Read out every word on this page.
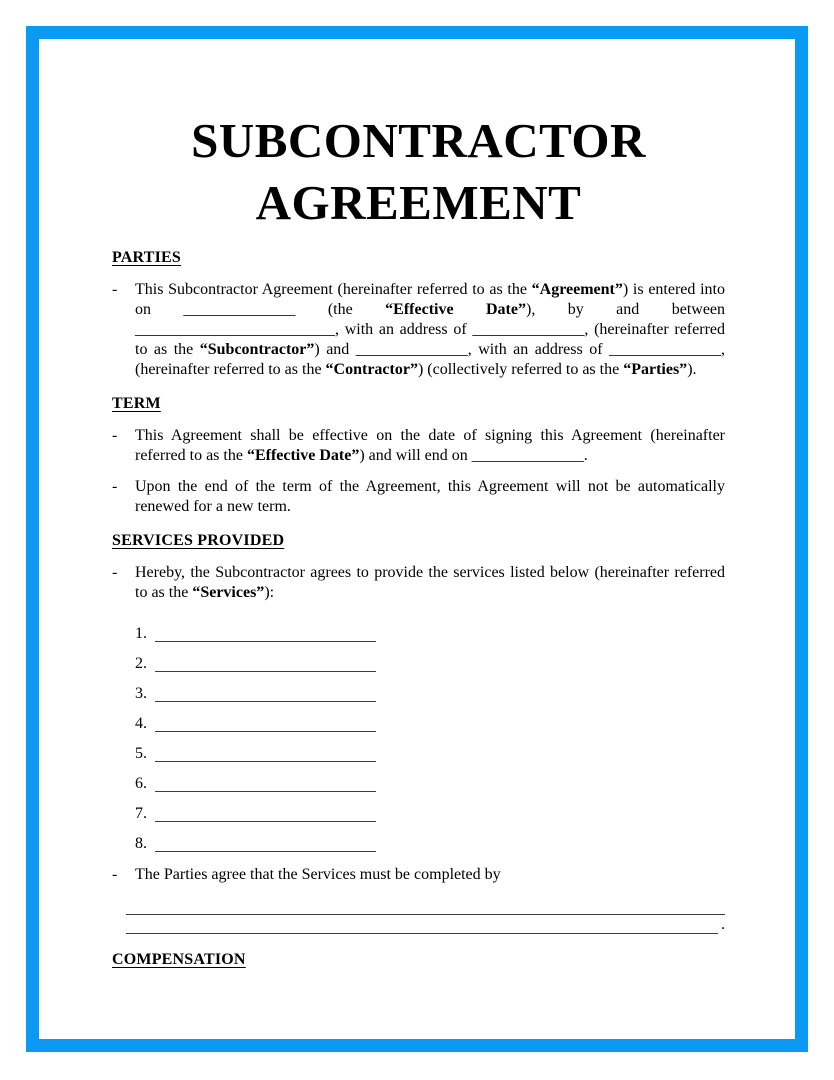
SUBCONTRACTOR
AGREEMENT
PARTIES
-	This Subcontractor Agreement (hereinafter referred to as the “Agreement”) is entered into on ______________ (the “Effective Date”), by and between _________________________, with an address of ______________, (hereinafter referred to as the “Subcontractor”) and ______________, with an address of ______________, (hereinafter referred to as the “Contractor”) (collectively referred to as the “Parties”).

TERM
-	This Agreement shall be effective on the date of signing this Agreement (hereinafter referred to as the “Effective Date”) and will end on ______________.

-	Upon the end of the term of the Agreement, this Agreement will not be automatically renewed for a new term.

SERVICES PROVIDED
-	Hereby, the Subcontractor agrees to provide the services listed below (hereinafter referred to as the “Services”):

1.
2.
3.
4.
5.
6.
7.
8.
-	The Parties agree that the Services must be completed by

.
COMPENSATION
